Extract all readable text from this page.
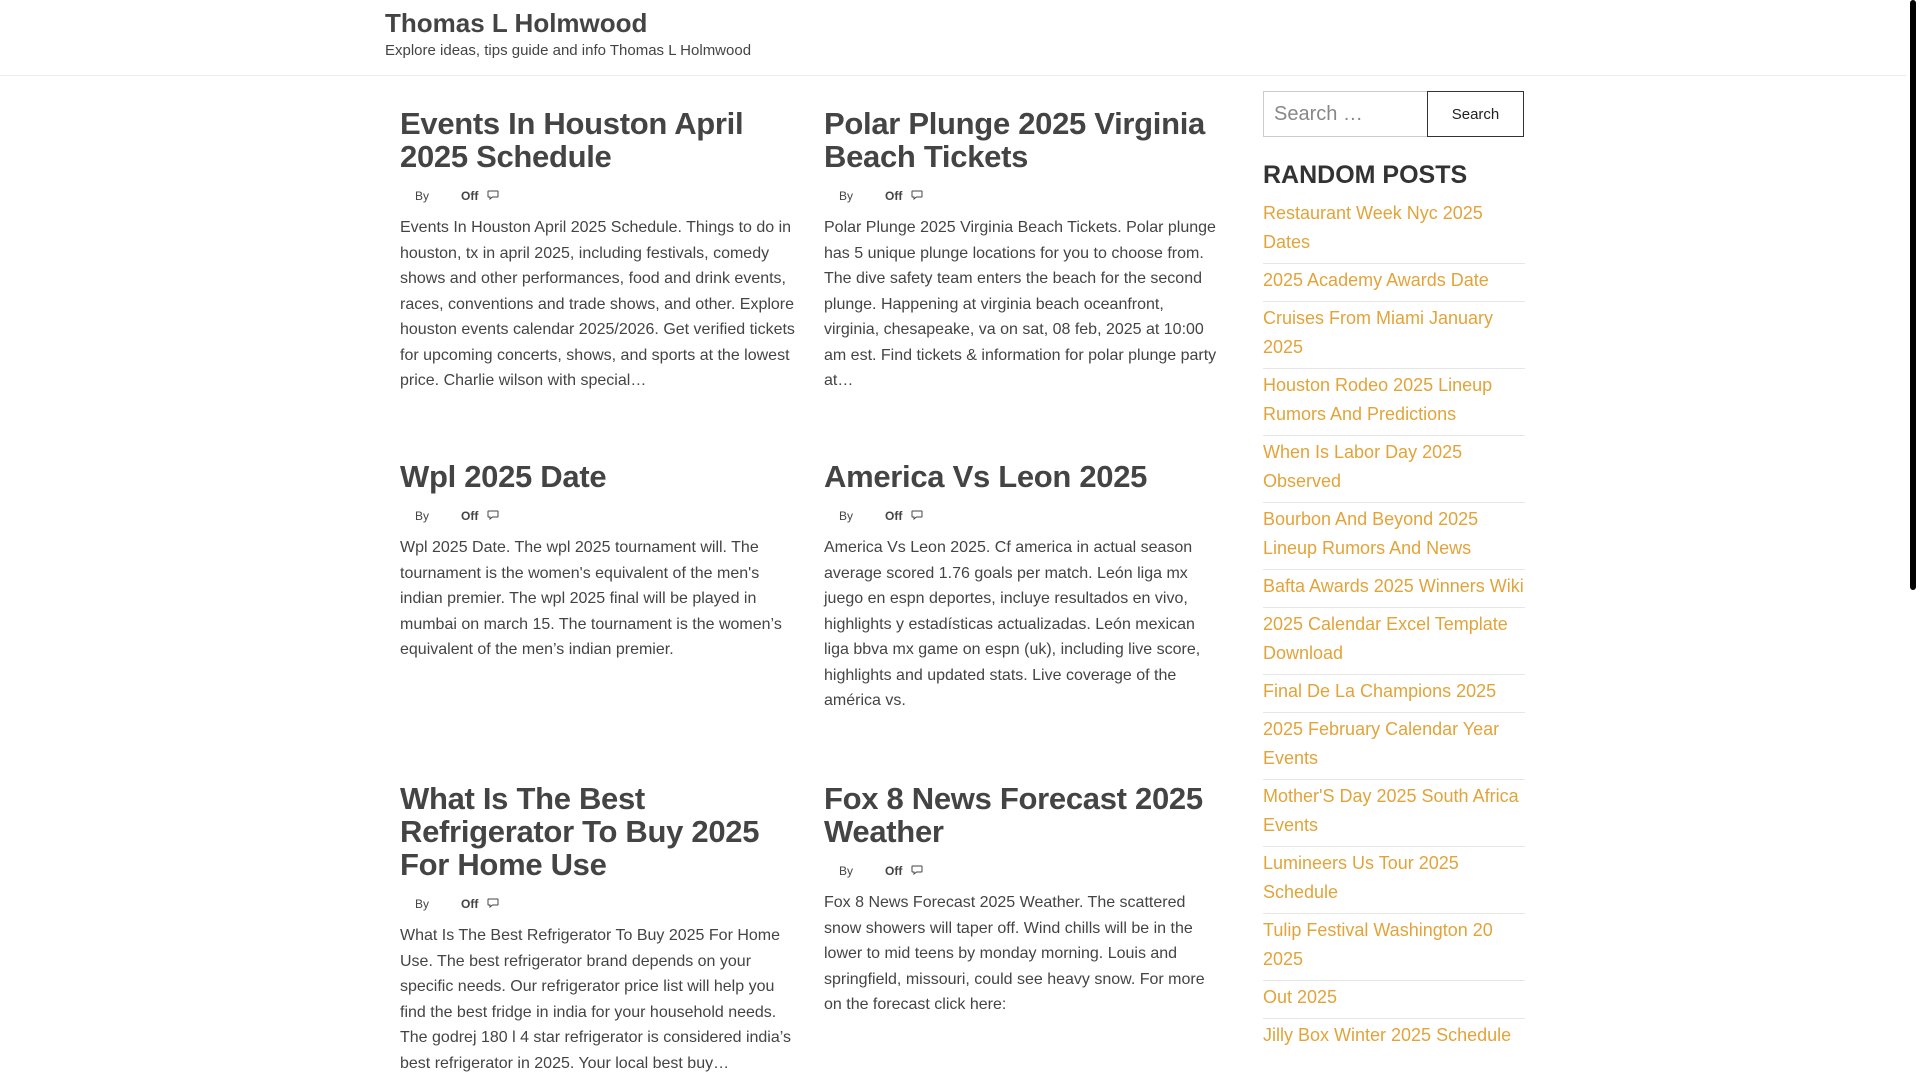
Thomas L Holmwood
Explore ideas, tips guide and info Thomas L Holmwood
Events In Houston April 2025 Schedule
By	Off
Events In Houston April 2025 Schedule. Things to do in houston, tx in april 2025, including festivals, comedy shows and other performances, food and drink events, races, conventions and trade shows, and other. Explore houston events calendar 2025/2026. Get verified tickets for upcoming concerts, shows, and sports at the lowest price. Charlie wilson with special…
Polar Plunge 2025 Virginia Beach Tickets
By	Off
Polar Plunge 2025 Virginia Beach Tickets. Polar plunge has 5 unique plunge locations for you to choose from. The dive safety team enters the beach for the second plunge. Happening at virginia beach oceanfront, virginia, chesapeake, va on sat, 08 feb, 2025 at 10:00 am est. Find tickets & information for polar plunge party at…
Wpl 2025 Date
By	Off
Wpl 2025 Date. The wpl 2025 tournament will. The tournament is the women's equivalent of the men's indian premier. The wpl 2025 final will be played in mumbai on march 15. The tournament is the women’s equivalent of the men’s indian premier.
America Vs Leon 2025
By	Off
America Vs Leon 2025. Cf america in actual season average scored 1.76 goals per match. León liga mx juego en espn deportes, incluye resultados en vivo, highlights y estadísticas actualizadas. León mexican liga bbva mx game on espn (uk), including live score, highlights and updated stats. Live coverage of the américa vs.
What Is The Best Refrigerator To Buy 2025 For Home Use
By	Off
What Is The Best Refrigerator To Buy 2025 For Home Use. The best refrigerator brand depends on your specific needs. Our refrigerator price list will help you find the best fridge in india for your household needs. The godrej 180 l 4 star refrigerator is considered india’s best refrigerator in 2025. Your local best buy…
Fox 8 News Forecast 2025 Weather
By	Off
Fox 8 News Forecast 2025 Weather. The scattered snow showers will taper off. Wind chills will be in the lower to mid teens by monday morning. Louis and springfield, missouri, could see heavy snow. For more on the forecast click here:
Search …
Search
RANDOM POSTS
Restaurant Week Nyc 2025 Dates
2025 Academy Awards Date
Cruises From Miami January 2025
Houston Rodeo 2025 Lineup Rumors And Predictions
When Is Labor Day 2025 Observed
Bourbon And Beyond 2025 Lineup Rumors And News
Bafta Awards 2025 Winners Wiki
2025 Calendar Excel Template Download
Final De La Champions 2025
2025 February Calendar Year Events
Mother'S Day 2025 South Africa Events
Lumineers Us Tour 2025 Schedule
Tulip Festival Washington 20 2025
Out 2025
Jilly Box Winter 2025 Schedule
